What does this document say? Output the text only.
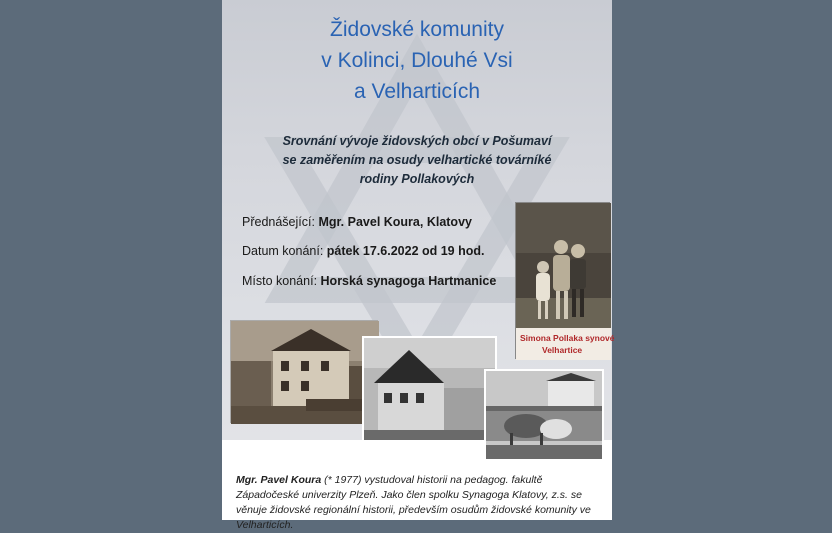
Židovské komunity
v Kolinci, Dlouhé Vsi
a Velharticích
Srovnání vývoje židovských obcí v Pošumaví
se zaměřením na osudy velhartické továrníké
rodiny Pollakových
Přednášející: Mgr. Pavel Koura, Klatovy
Datum konání: pátek 17.6.2022 od 19 hod.
Místo konání: Horská synagoga Hartmanice
Simona Pollaka synové
Velhartice

Mgr. Pavel Koura (* 1977) vystudoval historii na pedagog. fakultě Západočeské univerzity Plzeň. Jako člen spolku Synagoga Klatovy, z.s. se věnuje židovské regionální historii, především osudům židovské komunity ve Velharticích.
